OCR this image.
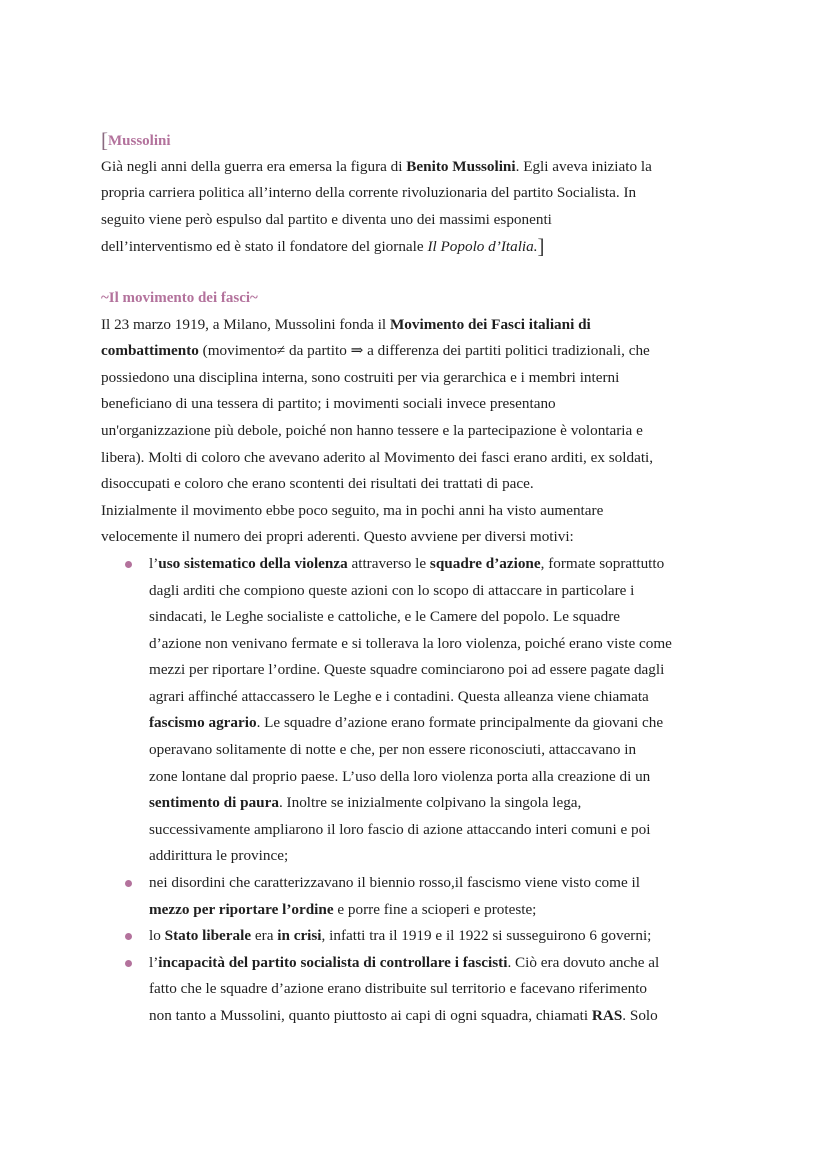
[Mussolini
Già negli anni della guerra era emersa la figura di Benito Mussolini. Egli aveva iniziato la
propria carriera politica all’interno della corrente rivoluzionaria del partito Socialista. In
seguito viene però espulso dal partito e diventa uno dei massimi esponenti
dell’interventismo ed è stato il fondatore del giornale Il Popolo d’Italia.]
~Il movimento dei fasci~
Il 23 marzo 1919, a Milano, Mussolini fonda il Movimento dei Fasci italiani di
combattimento (movimento≠ da partito ⇒ a differenza dei partiti politici tradizionali, che
possiedono una disciplina interna, sono costruiti per via gerarchica e i membri interni
beneficiano di una tessera di partito; i movimenti sociali invece presentano
un'organizzazione più debole, poiché non hanno tessere e la partecipazione è volontaria e
libera). Molti di coloro che avevano aderito al Movimento dei fasci erano arditi, ex soldati,
disoccupati e coloro che erano scontenti dei risultati dei trattati di pace.
Inizialmente il movimento ebbe poco seguito, ma in pochi anni ha visto aumentare
velocemente il numero dei propri aderenti. Questo avviene per diversi motivi:
l’uso sistematico della violenza attraverso le squadre d’azione, formate soprattutto
dagli arditi che compiono queste azioni con lo scopo di attaccare in particolare i
sindacati, le Leghe socialiste e cattoliche, e le Camere del popolo. Le squadre
d’azione non venivano fermate e si tollerava la loro violenza, poiché erano viste come
mezzi per riportare l’ordine. Queste squadre cominciarono poi ad essere pagate dagli
agrari affinché attaccassero le Leghe e i contadini. Questa alleanza viene chiamata
fascismo agrario. Le squadre d’azione erano formate principalmente da giovani che
operavano solitamente di notte e che, per non essere riconosciuti, attaccavano in
zone lontane dal proprio paese. L’uso della loro violenza porta alla creazione di un
sentimento di paura. Inoltre se inizialmente colpivano la singola lega,
successivamente ampliarono il loro fascio di azione attaccando interi comuni e poi
addirittura le province;
nei disordini che caratterizzavano il biennio rosso,il fascismo viene visto come il
mezzo per riportare l’ordine e porre fine a scioperi e proteste;
lo Stato liberale era in crisi, infatti tra il 1919 e il 1922 si susseguirono 6 governi;
l’incapacità del partito socialista di controllare i fascisti. Ciò era dovuto anche al
fatto che le squadre d’azione erano distribuite sul territorio e facevano riferimento
non tanto a Mussolini, quanto piuttosto ai capi di ogni squadra, chiamati RAS. Solo
